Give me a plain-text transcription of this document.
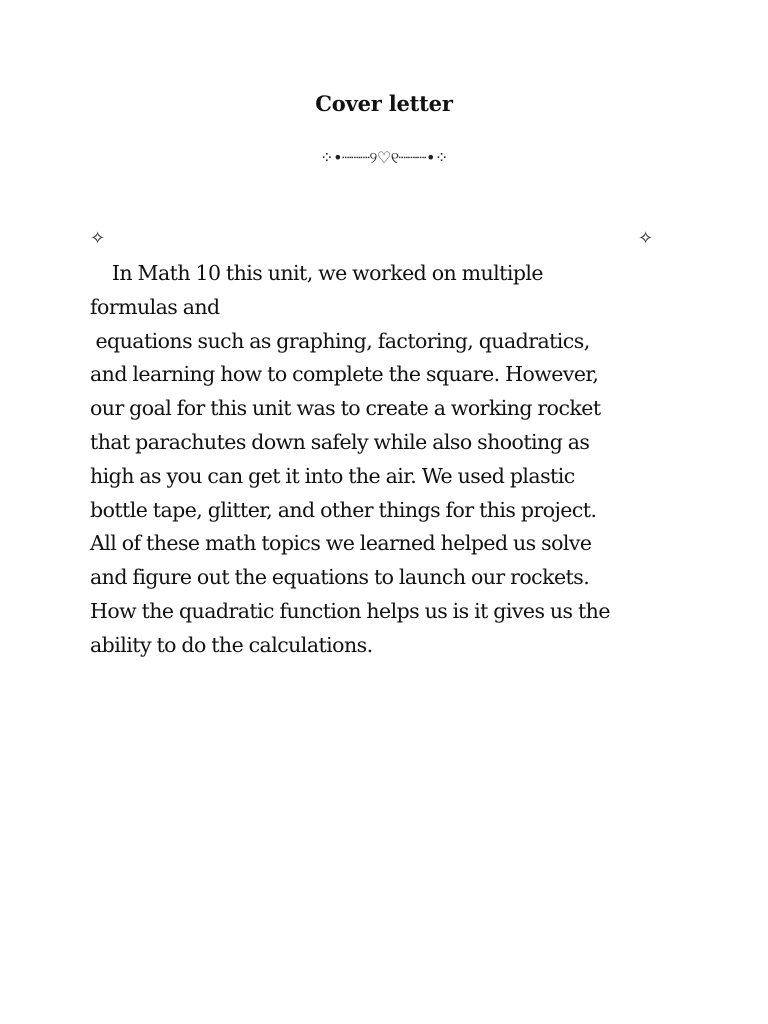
Cover letter
⁘•┈┈┈୨♡୧┈┈┈•⁘
✧	✧

In Math 10 this unit, we worked on multiple
formulas and
equations such as graphing, factoring, quadratics,
and learning how to complete the square. However,
our goal for this unit was to create a working rocket
that parachutes down safely while also shooting as
high as you can get it into the air. We used plastic
bottle tape, glitter, and other things for this project.
All of these math topics we learned helped us solve
and figure out the equations to launch our rockets.
How the quadratic function helps us is it gives us the
ability to do the calculations.
